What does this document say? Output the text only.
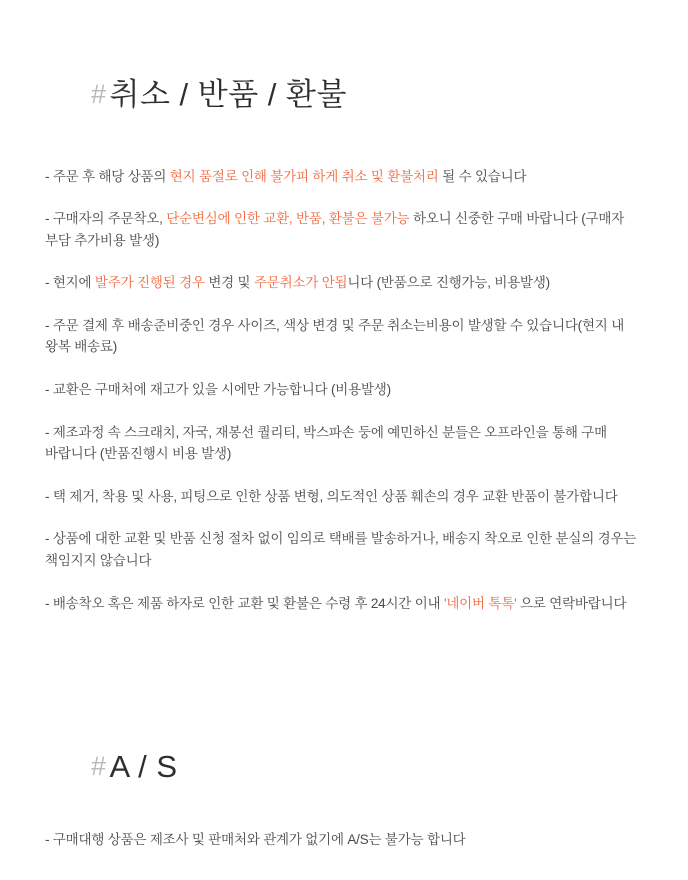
#취소 / 반품 / 환불

- 주문 후 해당 상품의 현지 품절로 인해 불가피 하게 취소 및 환불처리 될 수 있습니다

- 구매자의 주문착오, 단순변심에 인한 교환, 반품, 환불은 불가능 하오니 신중한 구매 바랍니다 (구매자 부담 추가비용 발생)

- 현지에 발주가 진행된 경우 변경 및 주문취소가 안됩니다 (반품으로 진행가능, 비용발생)

- 주문 결제 후 배송준비중인 경우 사이즈, 색상 변경 및 주문 취소는비용이 발생할 수 있습니다(현지 내 왕복 배송료)

- 교환은 구매처에 재고가 있을 시에만 가능합니다 (비용발생)

- 제조과정 속 스크래치, 자국, 재봉선 퀄리티, 박스파손 둥에 예민하신 분들은 오프라인을 통해 구매 바랍니다 (반품진행시 비용 발생)

- 택 제거, 착용 및 사용, 피팅으로 인한 상품 변형, 의도적인 상품 훼손의 경우 교환 반품이 불가합니다

- 상품에 대한 교환 및 반품 신청 절차 없이 임의로 택배를 발송하거나, 배송지 착오로 인한 분실의 경우는 책임지지 않습니다

- 배송착오 혹은 제품 하자로 인한 교환 및 환불은 수령 후 24시간 이내 '네이버 톡톡' 으로 연락바랍니다

#A / S

- 구매대행 상품은 제조사 및 판매처와 관계가 없기에 A/S는 불가능 합니다
